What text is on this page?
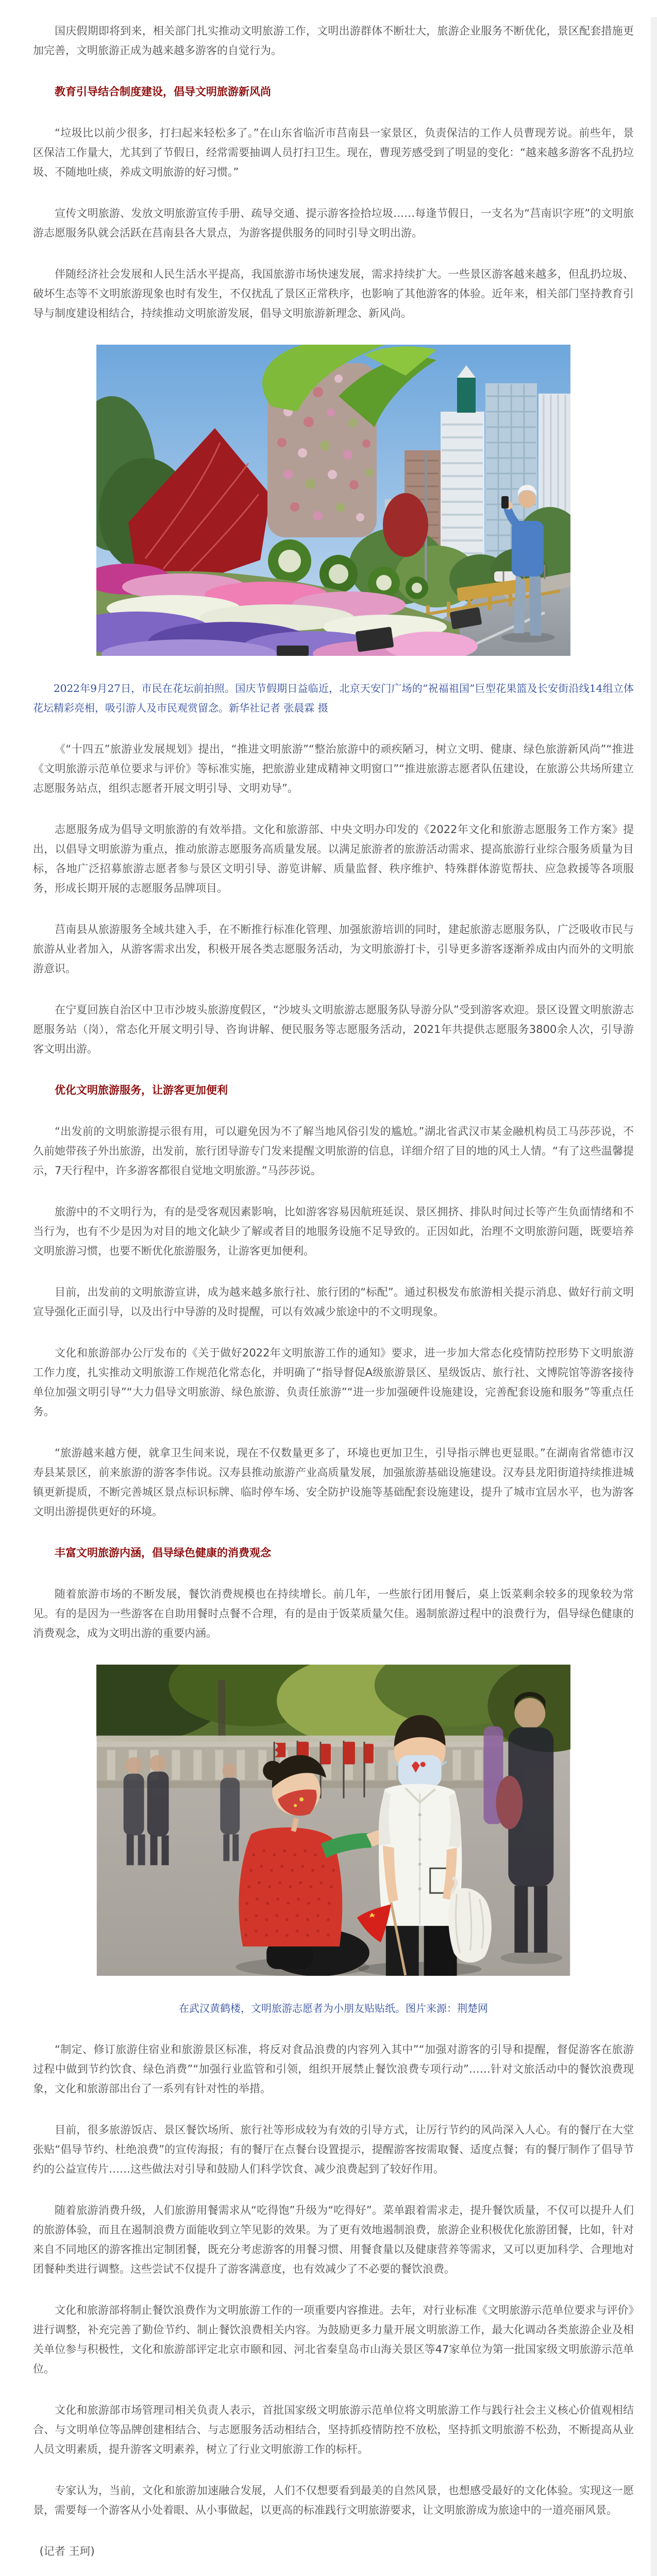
国庆假期即将到来，相关部门扎实推动文明旅游工作，文明出游群体不断壮大，旅游企业服务不断优化，景区配套措施更加完善，文明旅游正成为越来越多游客的自觉行为。

教育引导结合制度建设，倡导文明旅游新风尚

“垃圾比以前少很多，打扫起来轻松多了。”在山东省临沂市莒南县一家景区，负责保洁的工作人员曹现芳说。前些年，景区保洁工作量大，尤其到了节假日，经常需要抽调人员打扫卫生。现在，曹现芳感受到了明显的变化：“越来越多游客不乱扔垃圾、不随地吐痰，养成文明旅游的好习惯。”

宣传文明旅游、发放文明旅游宣传手册、疏导交通、提示游客捡拾垃圾……每逢节假日，一支名为“莒南识字班”的文明旅游志愿服务队就会活跃在莒南县各大景点，为游客提供服务的同时引导文明出游。

伴随经济社会发展和人民生活水平提高，我国旅游市场快速发展，需求持续扩大。一些景区游客越来越多，但乱扔垃圾、破坏生态等不文明旅游现象也时有发生，不仅扰乱了景区正常秩序，也影响了其他游客的体验。近年来，相关部门坚持教育引导与制度建设相结合，持续推动文明旅游发展，倡导文明旅游新理念、新风尚。

2022年9月27日，市民在花坛前拍照。国庆节假期日益临近，北京天安门广场的“祝福祖国”巨型花果篮及长安街沿线14组立体花坛精彩亮相，吸引游人及市民观赏留念。新华社记者 张晨霖 摄

《“十四五”旅游业发展规划》提出，“推进文明旅游”“整治旅游中的顽疾陋习，树立文明、健康、绿色旅游新风尚”“推进《文明旅游示范单位要求与评价》等标准实施，把旅游业建成精神文明窗口”“推进旅游志愿者队伍建设，在旅游公共场所建立志愿服务站点，组织志愿者开展文明引导、文明劝导”。

志愿服务成为倡导文明旅游的有效举措。文化和旅游部、中央文明办印发的《2022年文化和旅游志愿服务工作方案》提出，以倡导文明旅游为重点，推动旅游志愿服务高质量发展。以满足旅游者的旅游活动需求、提高旅游行业综合服务质量为目标，各地广泛招募旅游志愿者参与景区文明引导、游览讲解、质量监督、秩序维护、特殊群体游览帮扶、应急救援等各项服务，形成长期开展的志愿服务品牌项目。

莒南县从旅游服务全域共建入手，在不断推行标准化管理、加强旅游培训的同时，建起旅游志愿服务队，广泛吸收市民与旅游从业者加入，从游客需求出发，积极开展各类志愿服务活动，为文明旅游打卡，引导更多游客逐渐养成由内而外的文明旅游意识。

在宁夏回族自治区中卫市沙坡头旅游度假区，“沙坡头文明旅游志愿服务队导游分队”受到游客欢迎。景区设置文明旅游志愿服务站（岗），常态化开展文明引导、咨询讲解、便民服务等志愿服务活动，2021年共提供志愿服务3800余人次，引导游客文明出游。

优化文明旅游服务，让游客更加便利

“出发前的文明旅游提示很有用，可以避免因为不了解当地风俗引发的尴尬。”湖北省武汉市某金融机构员工马莎莎说，不久前她带孩子外出旅游，出发前，旅行团导游专门发来提醒文明旅游的信息，详细介绍了目的地的风土人情。“有了这些温馨提示，7天行程中，许多游客都很自觉地文明旅游。”马莎莎说。

旅游中的不文明行为，有的是受客观因素影响，比如游客容易因航班延误、景区拥挤、排队时间过长等产生负面情绪和不当行为，也有不少是因为对目的地文化缺少了解或者目的地服务设施不足导致的。正因如此，治理不文明旅游问题，既要培养文明旅游习惯，也要不断优化旅游服务，让游客更加便利。

目前，出发前的文明旅游宣讲，成为越来越多旅行社、旅行团的“标配”。通过积极发布旅游相关提示消息、做好行前文明宣导强化正面引导，以及出行中导游的及时提醒，可以有效减少旅途中的不文明现象。

文化和旅游部办公厅发布的《关于做好2022年文明旅游工作的通知》要求，进一步加大常态化疫情防控形势下文明旅游工作力度，扎实推动文明旅游工作规范化常态化，并明确了“指导督促A级旅游景区、星级饭店、旅行社、文博院馆等游客接待单位加强文明引导”“大力倡导文明旅游、绿色旅游、负责任旅游”“进一步加强硬件设施建设，完善配套设施和服务”等重点任务。

“旅游越来越方便，就拿卫生间来说，现在不仅数量更多了，环境也更加卫生，引导指示牌也更显眼。”在湖南省常德市汉寿县某景区，前来旅游的游客李伟说。汉寿县推动旅游产业高质量发展，加强旅游基础设施建设。汉寿县龙阳街道持续推进城镇更新提质，不断完善城区景点标识标牌、临时停车场、安全防护设施等基础配套设施建设，提升了城市宜居水平，也为游客文明出游提供更好的环境。

丰富文明旅游内涵，倡导绿色健康的消费观念

随着旅游市场的不断发展，餐饮消费规模也在持续增长。前几年，一些旅行团用餐后，桌上饭菜剩余较多的现象较为常见。有的是因为一些游客在自助用餐时点餐不合理，有的是由于饭菜质量欠佳。遏制旅游过程中的浪费行为，倡导绿色健康的消费观念，成为文明出游的重要内涵。

在武汉黄鹤楼，文明旅游志愿者为小朋友贴贴纸。图片来源：荆楚网

“制定、修订旅游住宿业和旅游景区标准，将反对食品浪费的内容列入其中”“加强对游客的引导和提醒，督促游客在旅游过程中做到节约饮食、绿色消费”“加强行业监管和引领，组织开展禁止餐饮浪费专项行动”……针对文旅活动中的餐饮浪费现象，文化和旅游部出台了一系列有针对性的举措。

目前，很多旅游饭店、景区餐饮场所、旅行社等形成较为有效的引导方式，让厉行节约的风尚深入人心。有的餐厅在大堂张贴“倡导节约、杜绝浪费”的宣传海报；有的餐厅在点餐台设置提示，提醒游客按需取餐、适度点餐；有的餐厅制作了倡导节约的公益宣传片……这些做法对引导和鼓励人们科学饮食、减少浪费起到了较好作用。

随着旅游消费升级，人们旅游用餐需求从“吃得饱”升级为“吃得好”。菜单跟着需求走，提升餐饮质量，不仅可以提升人们的旅游体验，而且在遏制浪费方面能收到立竿见影的效果。为了更有效地遏制浪费，旅游企业积极优化旅游团餐，比如，针对来自不同地区的游客推出定制团餐，既充分考虑游客的用餐习惯、用餐食量以及健康营养等需求，又可以更加科学、合理地对团餐种类进行调整。这些尝试不仅提升了游客满意度，也有效减少了不必要的餐饮浪费。

文化和旅游部将制止餐饮浪费作为文明旅游工作的一项重要内容推进。去年，对行业标准《文明旅游示范单位要求与评价》进行调整，补充完善了勤俭节约、制止餐饮浪费相关内容。为鼓励更多力量开展文明旅游工作，最大化调动各类旅游企业及相关单位参与积极性，文化和旅游部评定北京市颐和园、河北省秦皇岛市山海关景区等47家单位为第一批国家级文明旅游示范单位。

文化和旅游部市场管理司相关负责人表示，首批国家级文明旅游示范单位将文明旅游工作与践行社会主义核心价值观相结合、与文明单位等品牌创建相结合、与志愿服务活动相结合，坚持抓疫情防控不放松，坚持抓文明旅游不松劲，不断提高从业人员文明素质，提升游客文明素养，树立了行业文明旅游工作的标杆。

专家认为，当前，文化和旅游加速融合发展，人们不仅想要看到最美的自然风景，也想感受最好的文化体验。实现这一愿景，需要每一个游客从小处着眼、从小事做起，以更高的标准践行文明旅游要求，让文明旅游成为旅途中的一道亮丽风景。

(记者 王珂)
